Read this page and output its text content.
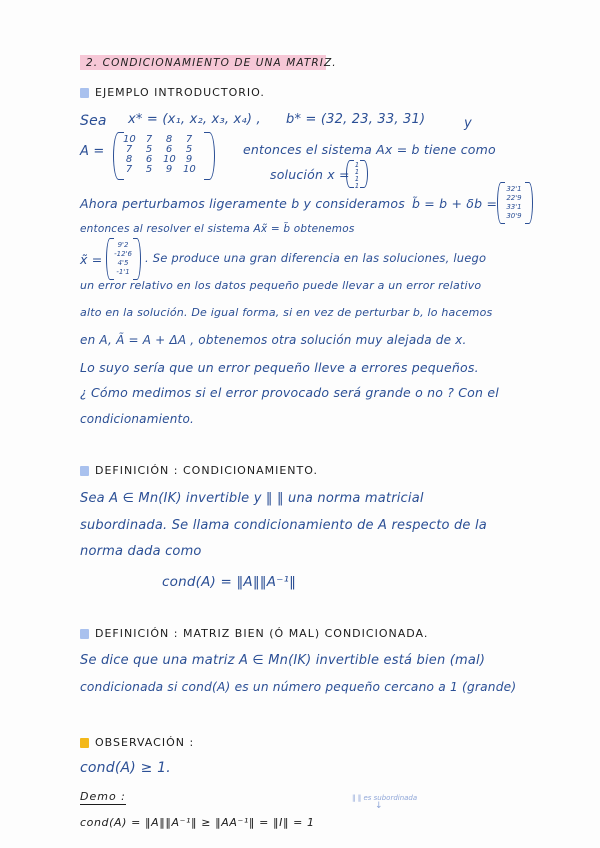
2. CONDICIONAMIENTO DE UNA MATRIZ.
EJEMPLO INTRODUCTORIO.
Sea x* = (x₁, x₂, x₃, x₄) , b* = (32, 23, 33, 31)	y
A =
10 7 8 7
7 5 6 5
8 6 10 9
7 5 9 10
entonces el sistema Ax = b tiene como
solución x =
1
1
1
1
Ahora perturbamos ligeramente b y consideramos b̃ = b + δb =
32'1
22'9
33'1
30'9
entonces al resolver el sistema Ax̃ = b̃ obtenemos
x̃ =
9'2
-12'6
4'5
-1'1
. Se produce una gran diferencia en las soluciones, luego
un error relativo en los datos pequeño puede llevar a un error relativo
alto en la solución. De igual forma, si en vez de perturbar b, lo hacemos
en A, Ã = A + ΔA , obtenemos otra solución muy alejada de x.
Lo suyo sería que un error pequeño lleve a errores pequeños.
¿ Cómo medimos si el error provocado será grande o no ? Con el
condicionamiento.
DEFINICIÓN : CONDICIONAMIENTO.
Sea A ∈ Mn(IK) invertible y ‖ ‖ una norma matricial
subordinada. Se llama condicionamiento de A respecto de la
norma dada como
cond(A) = ‖A‖‖A⁻¹‖
DEFINICIÓN : MATRIZ BIEN (Ó MAL) CONDICIONADA.
Se dice que una matriz A ∈ Mn(IK) invertible está bien (mal)
condicionada si cond(A) es un número pequeño cercano a 1 (grande)
OBSERVACIÓN :
cond(A) ≥ 1.
Demo :	‖ ‖ es subordinada
↓
cond(A) = ‖A‖‖A⁻¹‖ ≥ ‖AA⁻¹‖ = ‖I‖ = 1
